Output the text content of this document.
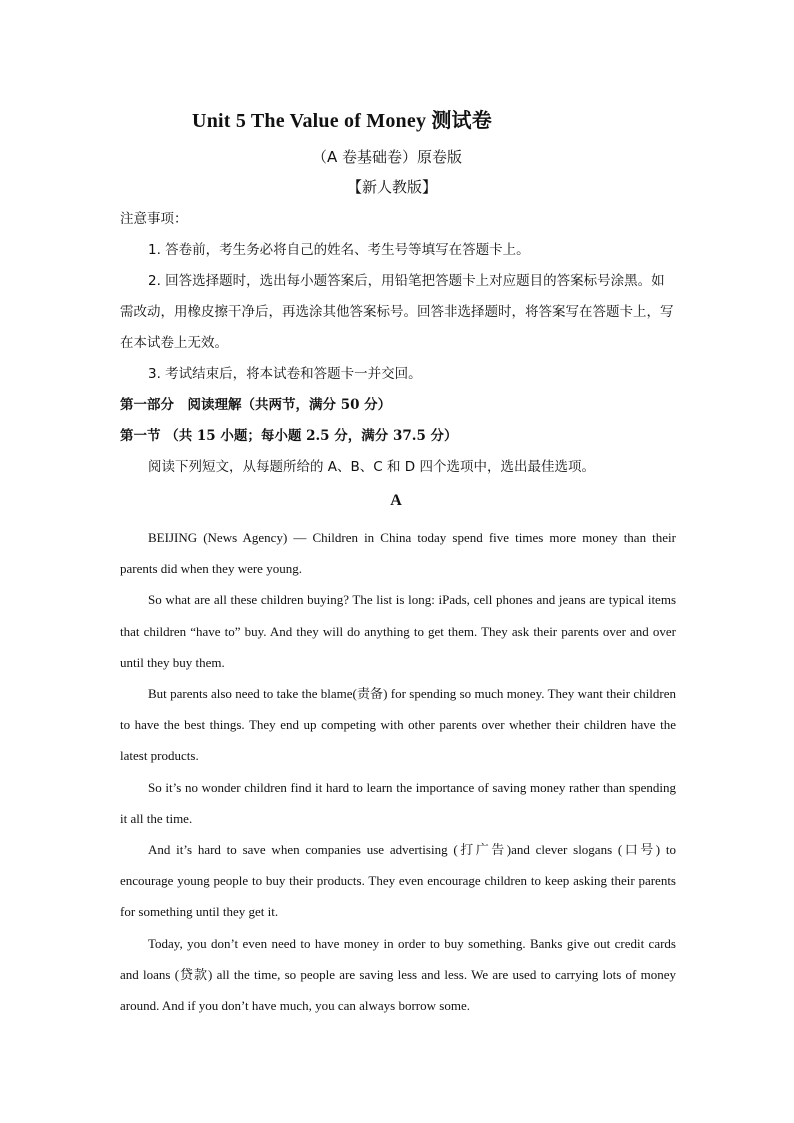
Unit 5 The Value of Money 测试卷
（A 卷基础卷）原卷版
【新人教版】

注意事项：

1. 答卷前，考生务必将自己的姓名、考生号等填写在答题卡上。

2. 回答选择题时，选出每小题答案后，用铅笔把答题卡上对应题目的答案标号涂黑。如需改动，用橡皮擦干净后，再选涂其他答案标号。回答非选择题时，将答案写在答题卡上，写在本试卷上无效。

3. 考试结束后，将本试卷和答题卡一并交回。

第一部分　阅读理解（共两节，满分 50 分）

第一节 （共 15 小题；每小题 2.5 分，满分 37.5 分）

阅读下列短文，从每题所给的 A、B、C 和 D 四个选项中，选出最佳选项。

A

BEIJING (News Agency) — Children in China today spend five times more money than their parents did when they were young.

So what are all these children buying? The list is long: iPads, cell phones and jeans are typical items that children “have to” buy. And they will do anything to get them. They ask their parents over and over until they buy them.

But parents also need to take the blame(责备) for spending so much money. They want their children to have the best things. They end up competing with other parents over whether their children have the latest products.

So it’s no wonder children find it hard to learn the importance of saving money rather than spending it all the time.

And it’s hard to save when companies use advertising (打广告)and clever slogans (口号) to encourage young people to buy their products. They even encourage children to keep asking their parents for something until they get it.

Today, you don’t even need to have money in order to buy something. Banks give out credit cards and loans (贷款) all the time, so people are saving less and less. We are used to carrying lots of money around. And if you don’t have much, you can always borrow some.
